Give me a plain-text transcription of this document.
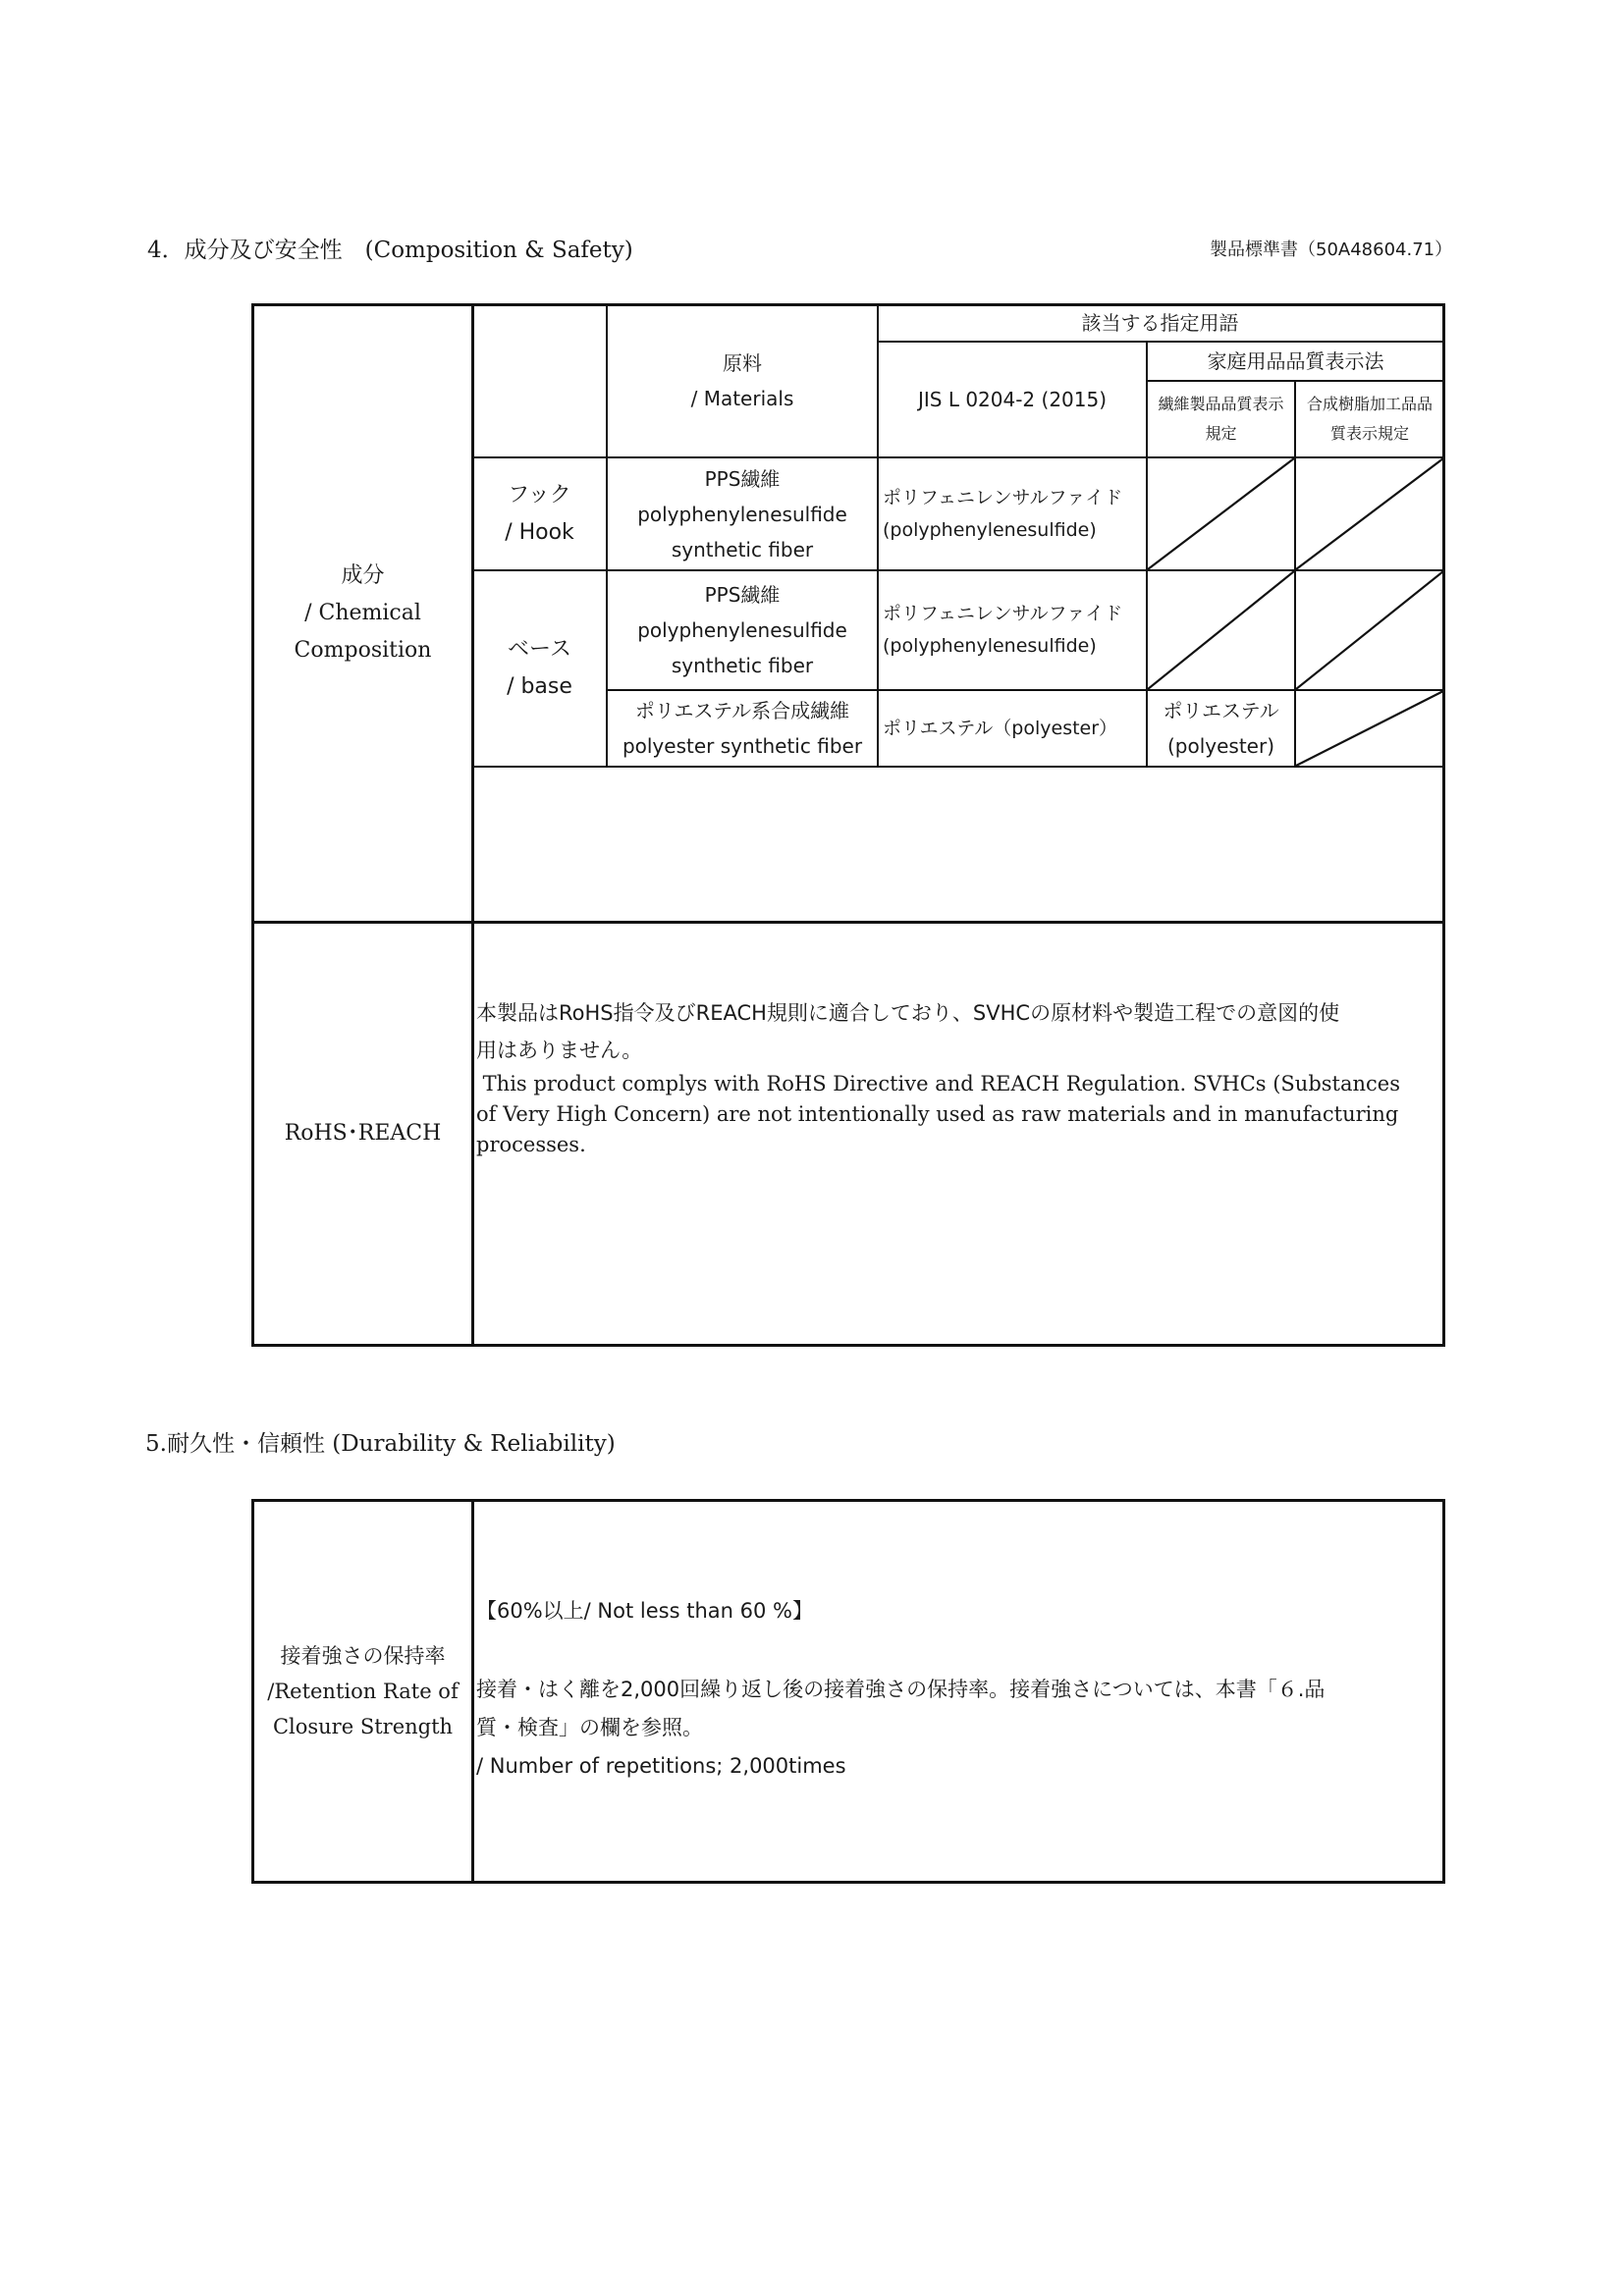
4．成分及び安全性　(Composition & Safety)	製品標準書（50A48604.71）
該当する指定用語
原料
/ Materials	JIS L 0204-2 (2015)
家庭用品品質表示法
繊維製品品質表示
規定
合成樹脂加工品品
質表示規定
成分
/ Chemical
Composition
フック
/ Hook
ベース
/ base
PPS繊維
polyphenylenesulfide
synthetic fiber
ポリフェニレンサルファイド
(polyphenylenesulfide)
PPS繊維
polyphenylenesulfide
synthetic fiber
ポリフェニレンサルファイド
(polyphenylenesulfide)
ポリエステル系合成繊維
polyester synthetic fiber
ポリエステル（polyester）
ポリエステル
(polyester)
RoHS･REACH
本製品はRoHS指令及びREACH規則に適合しており、SVHCの原材料や製造工程での意図的使
用はありません。
This product complys with RoHS Directive and REACH Regulation. SVHCs (Substances
of Very High Concern) are not intentionally used as raw materials and in manufacturing
processes.
5.耐久性・信頼性 (Durability & Reliability)
接着強さの保持率
/Retention Rate of
Closure Strength
【60%以上/ Not less than 60 %】
接着・はく離を2,000回繰り返し後の接着強さの保持率。接着強さについては、本書「６.品
質・検査」の欄を参照。
/ Number of repetitions; 2,000times
